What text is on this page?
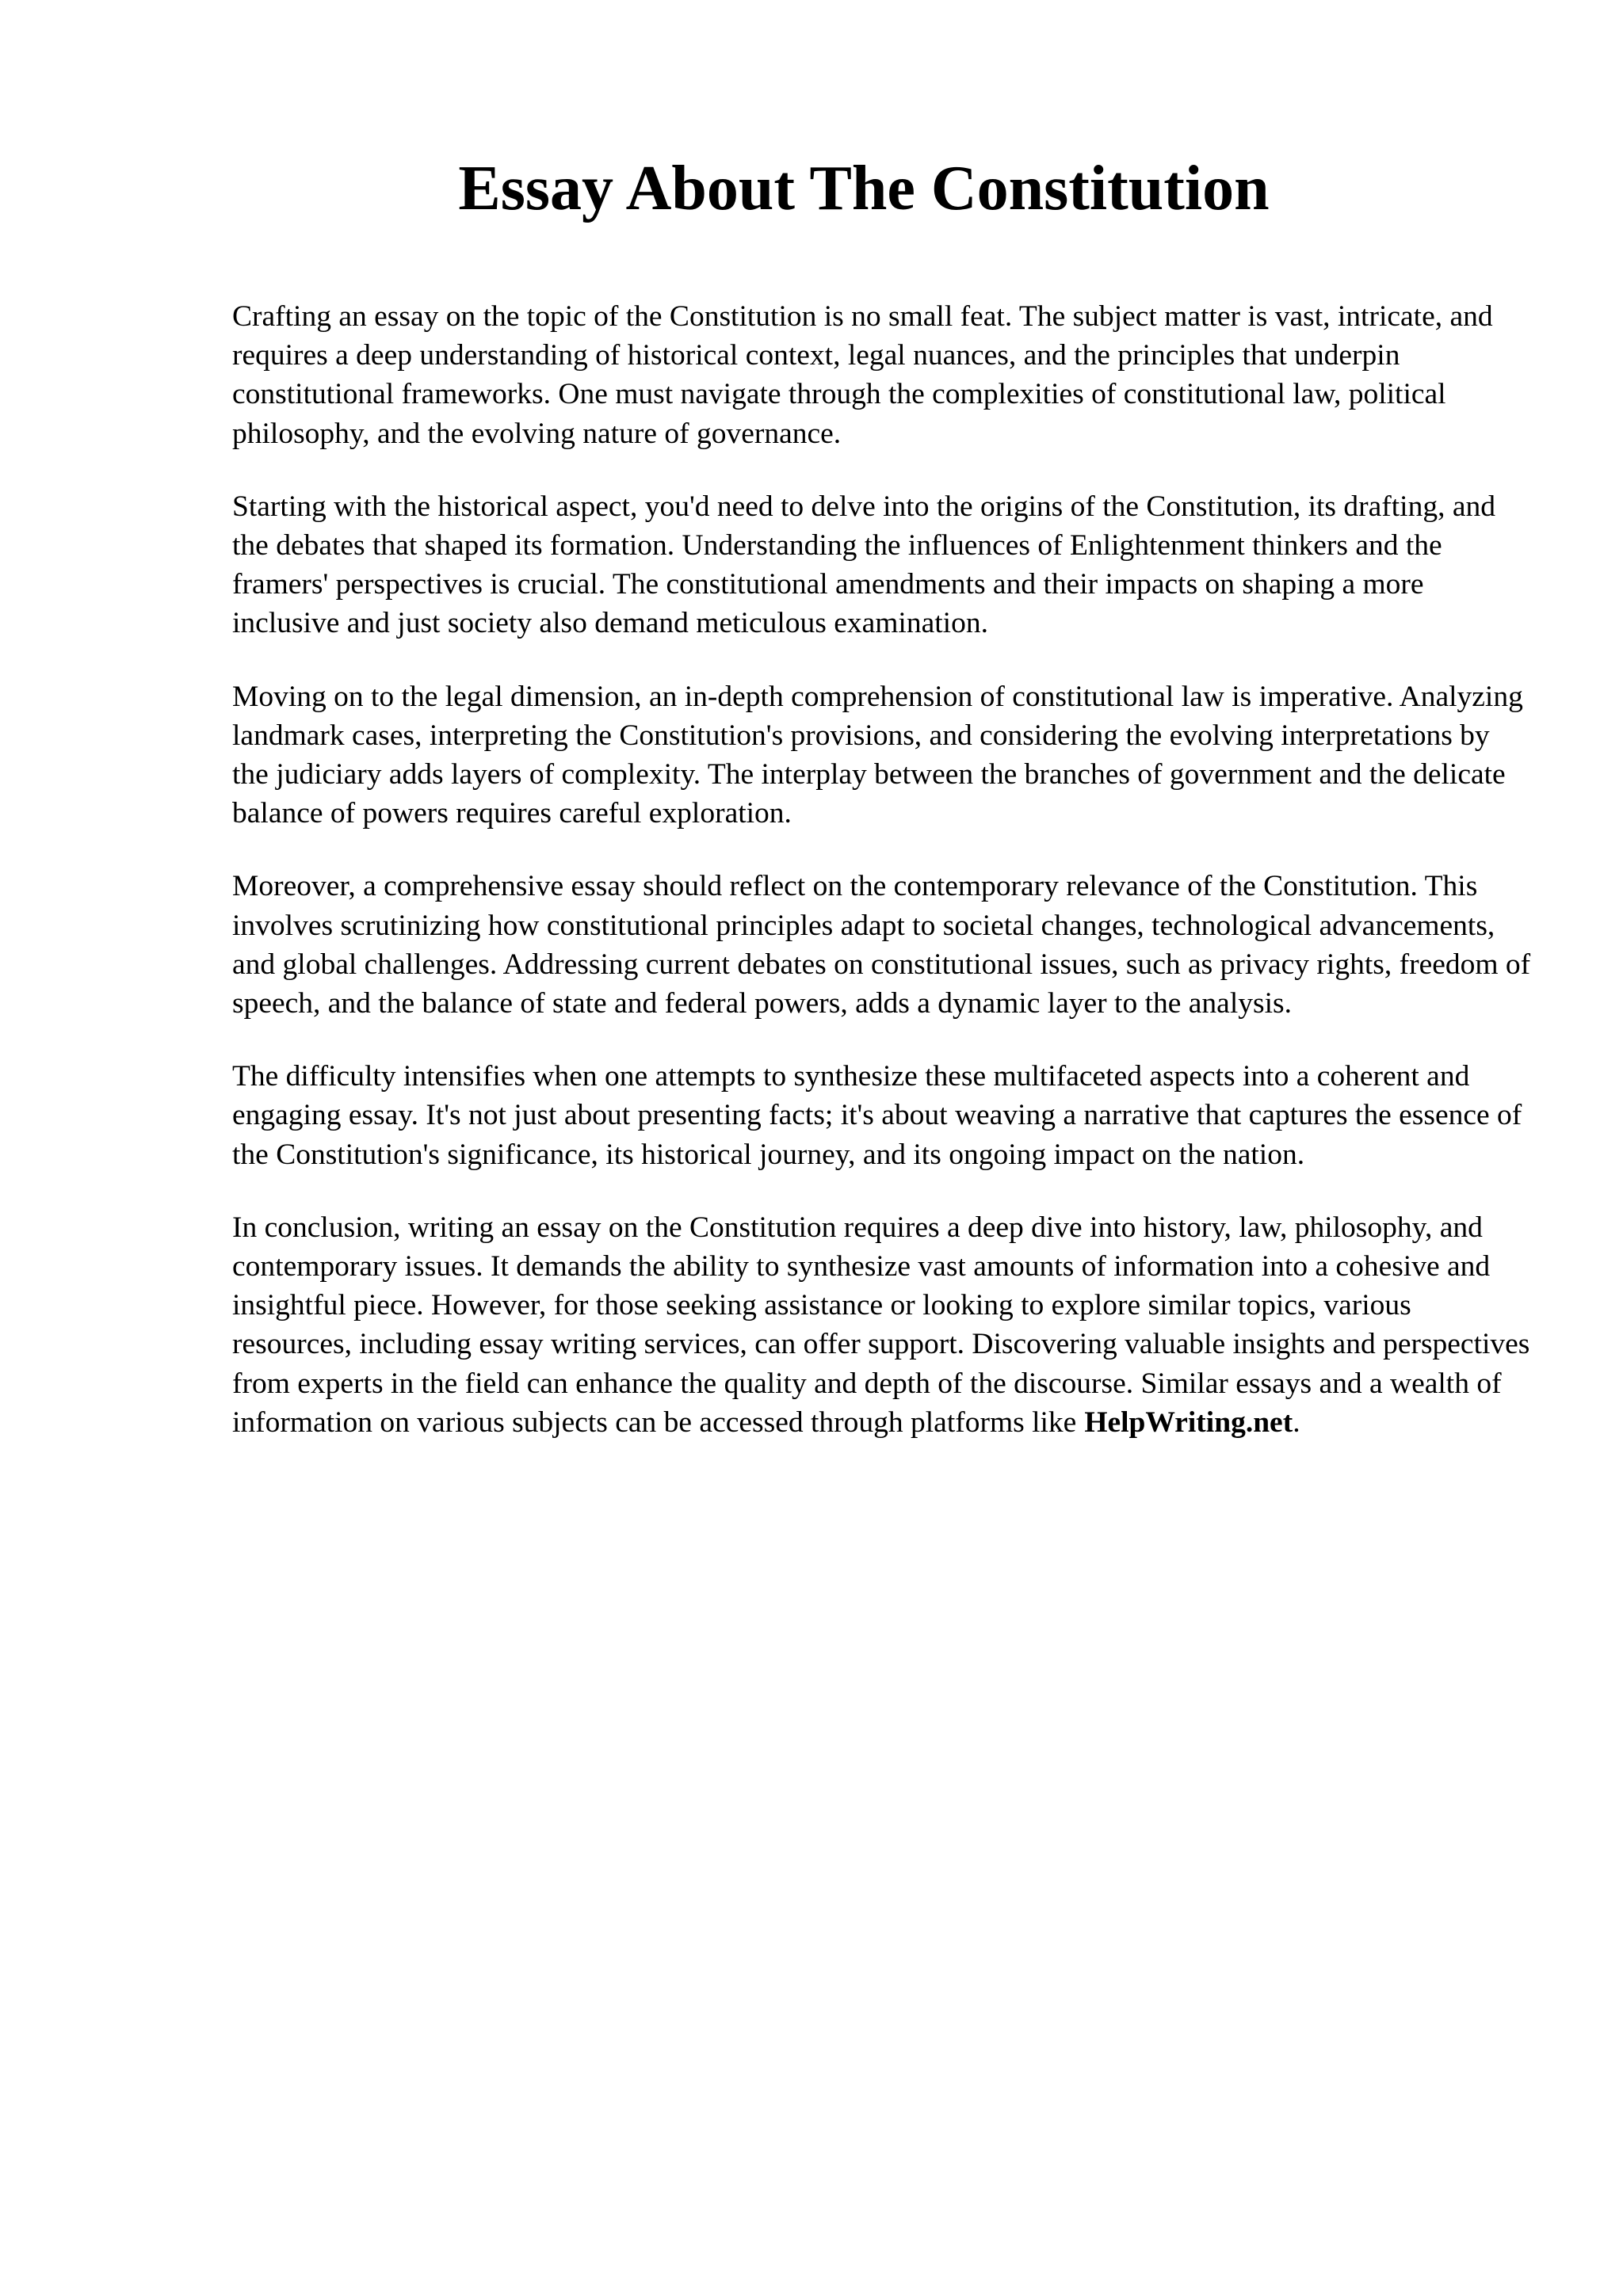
Essay About The Constitution

Crafting an essay on the topic of the Constitution is no small feat. The subject matter is vast, intricate, and requires a deep understanding of historical context, legal nuances, and the principles that underpin constitutional frameworks. One must navigate through the complexities of constitutional law, political philosophy, and the evolving nature of governance.

Starting with the historical aspect, you'd need to delve into the origins of the Constitution, its drafting, and the debates that shaped its formation. Understanding the influences of Enlightenment thinkers and the framers' perspectives is crucial. The constitutional amendments and their impacts on shaping a more inclusive and just society also demand meticulous examination.

Moving on to the legal dimension, an in-depth comprehension of constitutional law is imperative. Analyzing landmark cases, interpreting the Constitution's provisions, and considering the evolving interpretations by the judiciary adds layers of complexity. The interplay between the branches of government and the delicate balance of powers requires careful exploration.

Moreover, a comprehensive essay should reflect on the contemporary relevance of the Constitution. This involves scrutinizing how constitutional principles adapt to societal changes, technological advancements, and global challenges. Addressing current debates on constitutional issues, such as privacy rights, freedom of speech, and the balance of state and federal powers, adds a dynamic layer to the analysis.

The difficulty intensifies when one attempts to synthesize these multifaceted aspects into a coherent and engaging essay. It's not just about presenting facts; it's about weaving a narrative that captures the essence of the Constitution's significance, its historical journey, and its ongoing impact on the nation.

In conclusion, writing an essay on the Constitution requires a deep dive into history, law, philosophy, and contemporary issues. It demands the ability to synthesize vast amounts of information into a cohesive and insightful piece. However, for those seeking assistance or looking to explore similar topics, various resources, including essay writing services, can offer support. Discovering valuable insights and perspectives from experts in the field can enhance the quality and depth of the discourse. Similar essays and a wealth of information on various subjects can be accessed through platforms like HelpWriting.net.
